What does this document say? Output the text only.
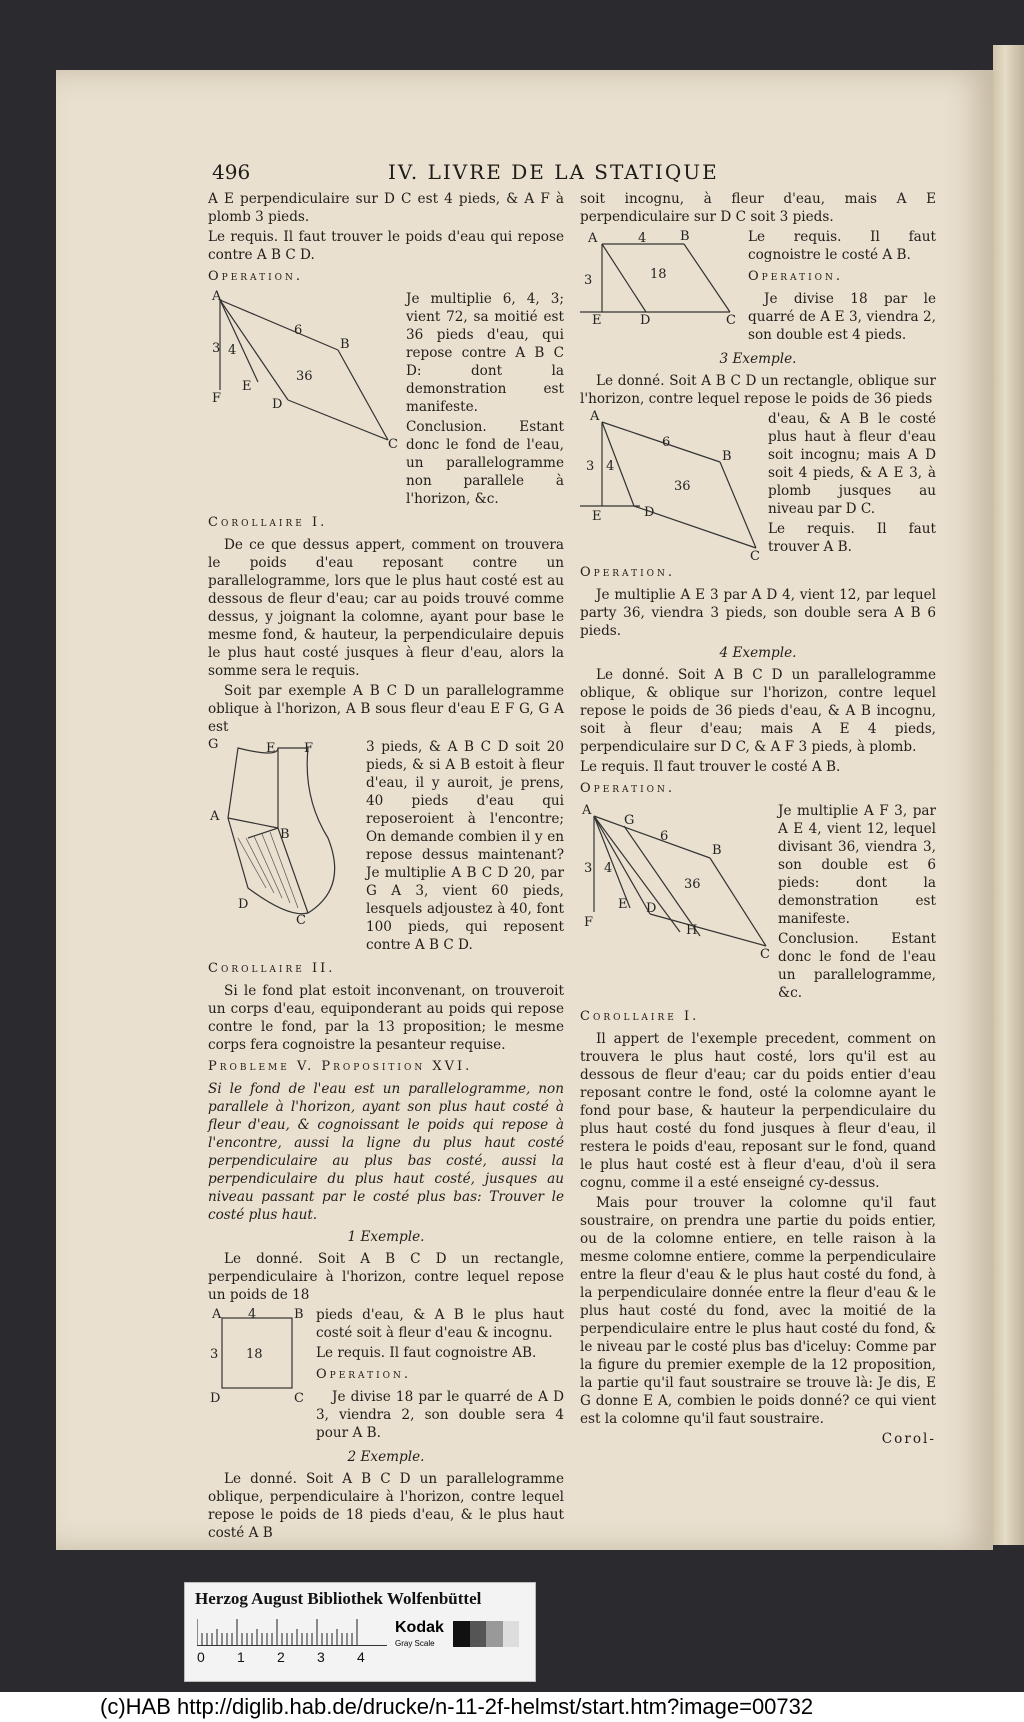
496	IV. LIVRE DE LA STATIQUE

A E perpendiculaire sur D C est 4 pieds, & A F à plomb 3 pieds.

Le requis. Il faut trouver le poids d'eau qui repose contre A B C D.

Operation.

A
B
C
D
E
F
6
36
3 4

Je multiplie 6, 4, 3; vient 72, sa moitié est 36 pieds d'eau, qui repose contre A B C D: dont la demonstration est manifeste.

Conclusion. Estant donc le fond de l'eau, un parallelogramme non parallele à l'horizon, &c.

Corollaire I.

De ce que dessus appert, comment on trouvera le poids d'eau reposant contre un parallelogramme, lors que le plus haut costé est au dessous de fleur d'eau; car au poids trouvé comme dessus, y joignant la colomne, ayant pour base le mesme fond, & hauteur, la perpendiculaire depuis le plus haut costé jusques à fleur d'eau, alors la somme sera le requis.

Soit par exemple A B C D un parallelogramme oblique à l'horizon, A B sous fleur d'eau E F G, G A est

G	E F
A
B
D
C

3 pieds, & A B C D soit 20 pieds, & si A B estoit à fleur d'eau, il y auroit, je prens, 40 pieds d'eau qui reposeroient à l'encontre; On demande combien il y en repose dessus maintenant? Je multiplie A B C D 20, par G A 3, vient 60 pieds, lesquels adjoustez à 40, font 100 pieds, qui reposent contre A B C D.

Corollaire II.

Si le fond plat estoit inconvenant, on trouveroit un corps d'eau, equiponderant au poids qui repose contre le fond, par la 13 proposition; le mesme corps fera cognoistre la pesanteur requise.

Probleme V. Proposition XVI.

Si le fond de l'eau est un parallelogramme, non parallele à l'horizon, ayant son plus haut costé à fleur d'eau, & cognoissant le poids qui repose à l'encontre, aussi la ligne du plus haut costé perpendiculaire au plus bas costé, aussi la perpendiculaire du plus haut costé, jusques au niveau passant par le costé plus bas: Trouver le costé plus haut.

1 Exemple.

Le donné. Soit A B C D un rectangle, perpendiculaire à l'horizon, contre lequel repose un poids de 18

A 4	B
3 18
D	C

pieds d'eau, & A B le plus haut costé soit à fleur d'eau & incognu.

Le requis. Il faut cognoistre AB.

Operation.

Je divise 18 par le quarré de A D 3, viendra 2, son double sera 4 pour A B.

2 Exemple.

Le donné. Soit A B C D un parallelogramme oblique, perpendiculaire à l'horizon, contre lequel repose le poids de 18 pieds d'eau, & le plus haut costé A B

soit incognu, à fleur d'eau, mais A E perpendiculaire sur D C soit 3 pieds.

A	4	B
3	18
E	D	C

Le requis. Il faut cognoistre le costé A B.

Operation.

Je divise 18 par le quarré de A E 3, viendra 2, son double est 4 pieds.

3 Exemple.

Le donné. Soit A B C D un rectangle, oblique sur l'horizon, contre lequel repose le poids de 36 pieds

A
B
C
D
E
6
36
3 4

d'eau, & A B le costé plus haut à fleur d'eau soit incognu; mais A D soit 4 pieds, & A E 3, à plomb jusques au niveau par D C.

Le requis. Il faut trouver A B.

Operation.

Je multiplie A E 3 par A D 4, vient 12, par lequel party 36, viendra 3 pieds, son double sera A B 6 pieds.

4 Exemple.

Le donné. Soit A B C D un parallelogramme oblique, & oblique sur l'horizon, contre lequel repose le poids de 36 pieds d'eau, & A B incognu, soit à fleur d'eau; mais A E 4 pieds, perpendiculaire sur D C, & A F 3 pieds, à plomb.

Le requis. Il faut trouver le costé A B.

Operation.

A
G
B
C
D
E
F
H
6
36
3 4

Je multiplie A F 3, par A E 4, vient 12, lequel divisant 36, viendra 3, son double est 6 pieds: dont la demonstration est manifeste.

Conclusion. Estant donc le fond de l'eau un parallelogramme, &c.

Corollaire I.

Il appert de l'exemple precedent, comment on trouvera le plus haut costé, lors qu'il est au dessous de fleur d'eau; car du poids entier d'eau reposant contre le fond, osté la colomne ayant le fond pour base, & hauteur la perpendiculaire du plus haut costé du fond jusques à fleur d'eau, il restera le poids d'eau, reposant sur le fond, quand le plus haut costé est à fleur d'eau, d'où il sera cognu, comme il a esté enseigné cy-dessus.

Mais pour trouver la colomne qu'il faut soustraire, on prendra une partie du poids entier, ou de la colomne entiere, en telle raison à la mesme colomne entiere, comme la perpendiculaire entre la fleur d'eau & le plus haut costé du fond, à la perpendiculaire donnée entre la fleur d'eau & le plus haut costé du fond, avec la moitié de la perpendiculaire entre le plus haut costé du fond, & le niveau par le costé plus bas d'iceluy: Comme par la figure du premier exemple de la 12 proposition, la partie qu'il faut soustraire se trouve là: Je dis, E G donne E A, combien le poids donné? ce qui vient est la colomne qu'il faut soustraire.

Corol-

Herzog August Bibliothek Wolfenbüttel
0 1 2 3 4
Kodak
Gray Scale
(c)HAB http://diglib.hab.de/drucke/n-11-2f-helmst/start.htm?image=00732
